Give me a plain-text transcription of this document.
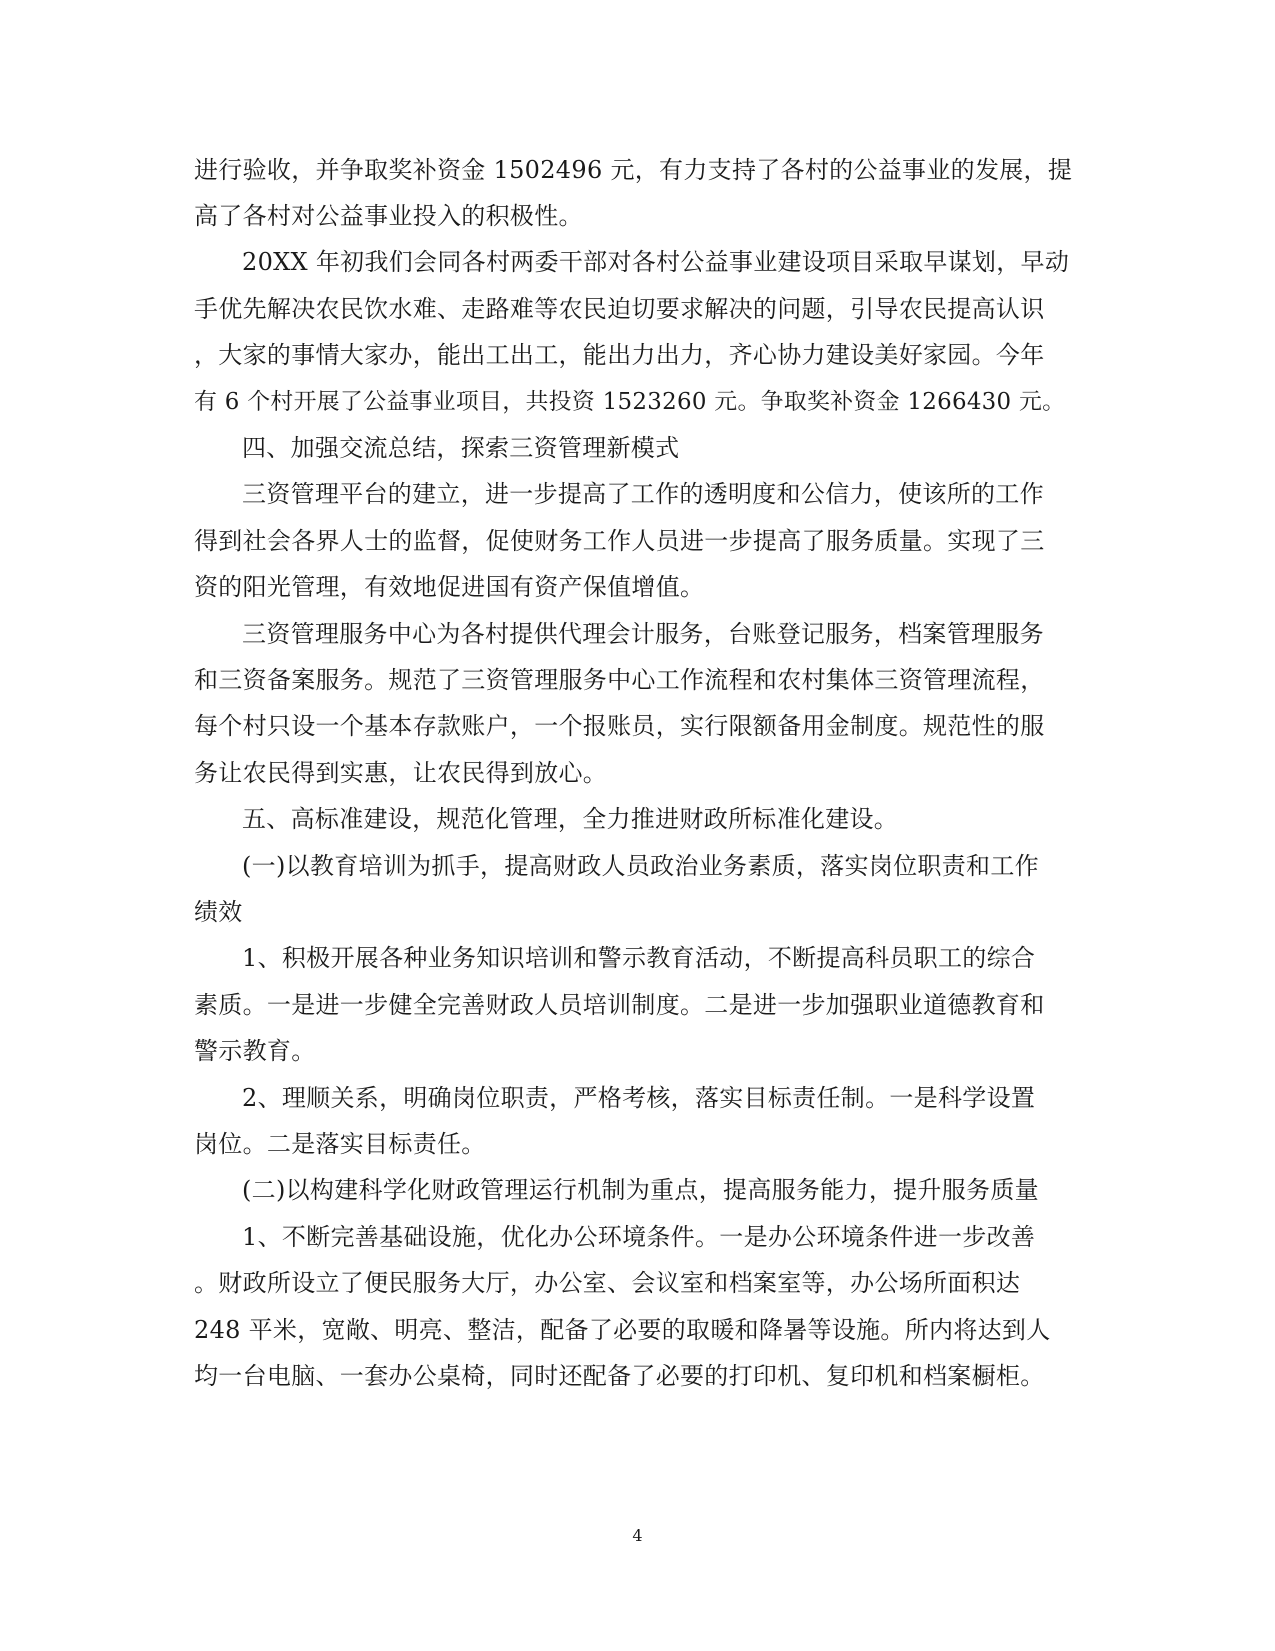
进行验收，并争取奖补资金 1502496 元，有力支持了各村的公益事业的发展，提
高了各村对公益事业投入的积极性。
20XX 年初我们会同各村两委干部对各村公益事业建设项目采取早谋划，早动
手优先解决农民饮水难、走路难等农民迫切要求解决的问题，引导农民提高认识
，大家的事情大家办，能出工出工，能出力出力，齐心协力建设美好家园。今年
有 6 个村开展了公益事业项目，共投资 1523260 元。争取奖补资金 1266430 元。
四、加强交流总结，探索三资管理新模式
三资管理平台的建立，进一步提高了工作的透明度和公信力，使该所的工作
得到社会各界人士的监督，促使财务工作人员进一步提高了服务质量。实现了三
资的阳光管理，有效地促进国有资产保值增值。
三资管理服务中心为各村提供代理会计服务，台账登记服务，档案管理服务
和三资备案服务。规范了三资管理服务中心工作流程和农村集体三资管理流程，
每个村只设一个基本存款账户，一个报账员，实行限额备用金制度。规范性的服
务让农民得到实惠，让农民得到放心。
五、高标准建设，规范化管理，全力推进财政所标准化建设。
(一)以教育培训为抓手，提高财政人员政治业务素质，落实岗位职责和工作
绩效
1、积极开展各种业务知识培训和警示教育活动，不断提高科员职工的综合
素质。一是进一步健全完善财政人员培训制度。二是进一步加强职业道德教育和
警示教育。
2、理顺关系，明确岗位职责，严格考核，落实目标责任制。一是科学设置
岗位。二是落实目标责任。
(二)以构建科学化财政管理运行机制为重点，提高服务能力，提升服务质量
1、不断完善基础设施，优化办公环境条件。一是办公环境条件进一步改善
。财政所设立了便民服务大厅，办公室、会议室和档案室等，办公场所面积达
248 平米，宽敞、明亮、整洁，配备了必要的取暖和降暑等设施。所内将达到人
均一台电脑、一套办公桌椅，同时还配备了必要的打印机、复印机和档案橱柜。
4
